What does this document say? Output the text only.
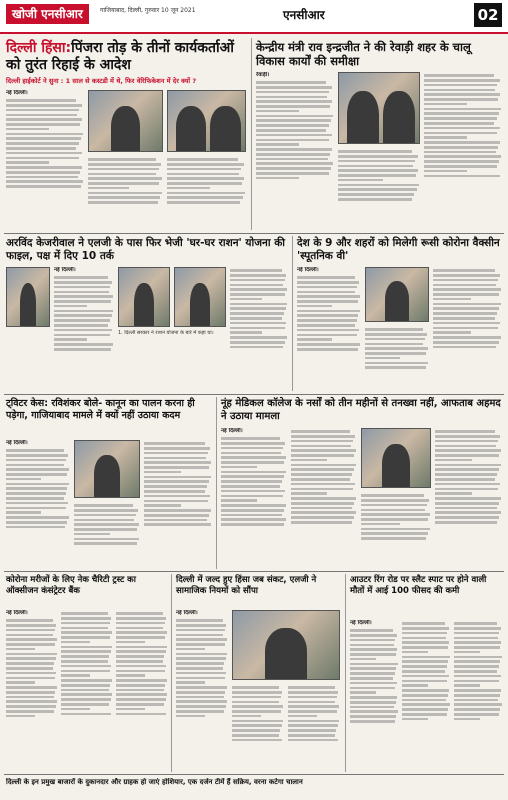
खोजी एनसीआर	गाजियाबाद, दिल्ली, गुरुवार 10 जून 2021	एनसीआर	02
दिल्ली हिंसा:पिंजरा तोड़ के तीनों कार्यकर्ताओं को तुरंत रिहाई के आदेश
दिल्ली हाईकोर्ट ने सुना : 1 साल से कस्टडी में थे, फिर वेरिफिकेशन में देर क्यों ?
नई दिल्ली।
केन्द्रीय मंत्री राव इन्द्रजीत ने की रेवाड़ी शहर के चालू विकास कार्यों की समीक्षा
रेवाड़ी।
अरविंद केजरीवाल ने एलजी के पास फिर भेजी 'घर-घर राशन' योजना की फाइल, पक्ष में दिए 10 तर्क
नई दिल्ली।
1. दिल्ली सरकार ने राशन योजना के बारे में कहा था।
देश के 9 और शहरों को मिलेगी रूसी कोरोना वैक्सीन 'स्पूतनिक वी'
नई दिल्ली।
ट्विटर केस: रविशंकर बोले- कानून का पालन करना ही पड़ेगा, गाजियाबाद मामले में क्यों नहीं उठाया कदम
नई दिल्ली।
नूंह मेडिकल कॉलेज के नर्सों को तीन महीनों से तनख्वा नहीं, आफताब अहमद ने उठाया मामला
नई दिल्ली।
कोरोना मरीजों के लिए नेक चैरिटी ट्रस्ट का ऑक्सीजन कंसंट्रेटर बैंक
नई दिल्ली।
दिल्ली में जल्द हुए हिंसा जब संकट, एलजी ने सामाजिक नियमों को सौंपा
नई दिल्ली।
आउटर रिंग रोड पर स्लैट स्पाट पर होने वाली मौतों में आई 100 फीसद की कमी
नई दिल्ली।
दिल्ली के इन प्रमुख बाजारों के दुकानदार और ग्राहक हो जाएं होशियार, एक दर्जन टीमें हैं सक्रिय, वरना कटेगा चालान
